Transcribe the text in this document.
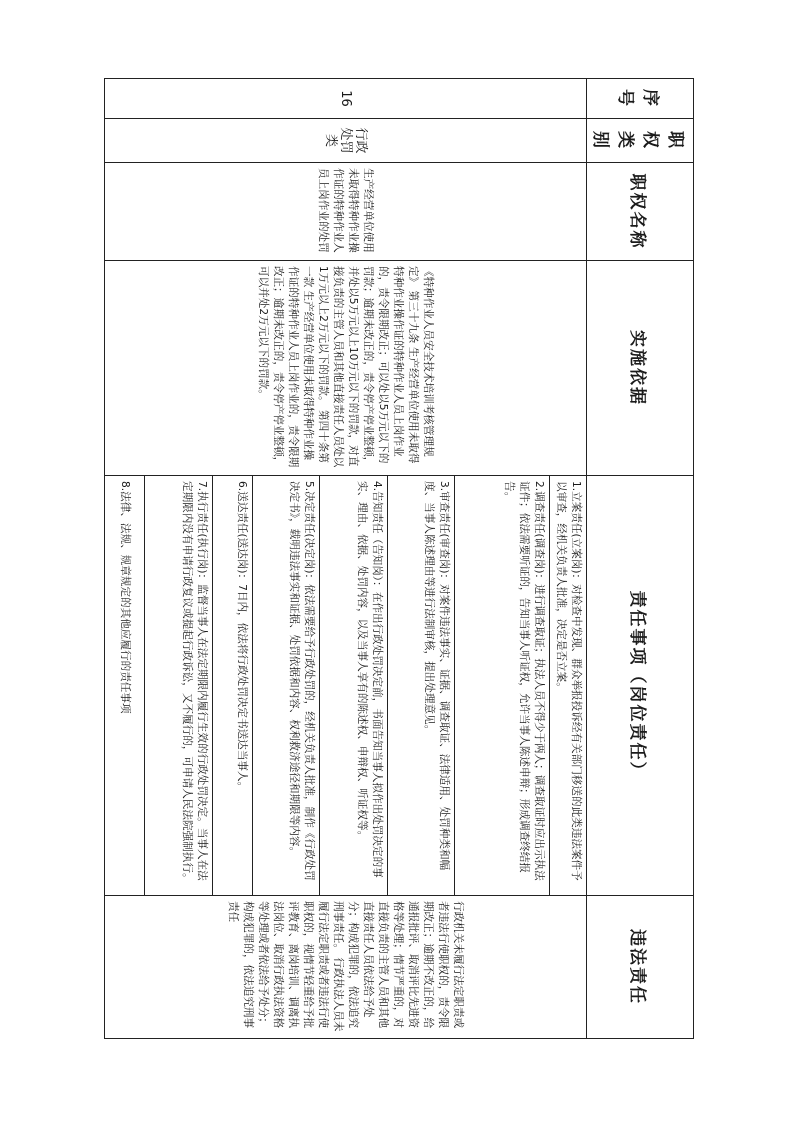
序号	职权类别	职权名称	实施依据	责任事项（岗位责任）	违法责任
16	行政处罚类	生产经营单位使用未取得特种作业操作证的特种作业人员上岗作业的处罚	《特种作业人员安全技术培训考核管理规定》 第三十九条 生产经营单位使用未取得特种作业操作证的特种作业人员上岗作业的，责令限期改正；可以处以5万元以下的罚款；逾期未改正的，责令停产停业整顿，并处以5万元以上10万元以下的罚款，对直接负责的主管人员和其他直接责任人员处以1万元以上2万元以下的罚款。 第四十条第一款 生产经营单位使用未取得特种作业操作证的特种作业人员上岗作业的，责令限期改正；逾期未改正的，责令停产停业整顿，可以并处2万元以下的罚款。	1.立案责任(立案岗)：对检查中发现、群众举报投诉经有关部门移送的此类违法案件予以审查，经机关负责人批准，决定是否立案。	行政机关未履行法定职责或者违法行使职权的，责令限期改正；逾期不改正的，给通报批评、取消评比先进资格等处理；情节严重的，对直接负责的主管人员和其他直接责任人员依法给予处分；构成犯罪的，依法追究刑事责任。 行政执法人员未履行法定职责或者违法行使职权的，视情节轻重给予批评教育、离岗培训、调离执法岗位、取消行政执法资格等处理或者依法给予处分；构成犯罪的，依法追究刑事责任
				2.调查责任(调查岗)：进行调查取证；执法人员不得少于两人；调查取证时应出示执法证件；依法需要听证的，告知当事人听证权，允许当事人陈述申辩；形成调查终结报告。	
				3.审查责任(审查岗)：对案件违法事实、证据、调查取证、法律适用、处罚种类和幅度、当事人陈述理由等进行法制审核，提出处理意见。	
				4.告知责任（告知岗）：在作出行政处罚决定前，书面告知当事人拟作出处罚决定的事实、理由、依据、处罚内容，以及当事人享有的陈述权、申辩权、听证权等。	
				5.决定责任(决定岗)：依法需要给予行政处罚的，经机关负责人批准，制作《行政处罚决定书》，载明违法事实和证据、处罚依据和内容、权利救济途径和期限等内容。	
				6.送达责任(送达岗)：7日内，依法将行政处罚决定书送达当事人。	
				7.执行责任(执行岗)：监督当事人在法定期限内履行生效的行政处罚决定。当事人在法定期限内没有申请行政复议或提起行政诉讼，又不履行的，可申请人民法院强制执行。	
				8.法律、法规、规章规定的其他应履行的责任事项	
